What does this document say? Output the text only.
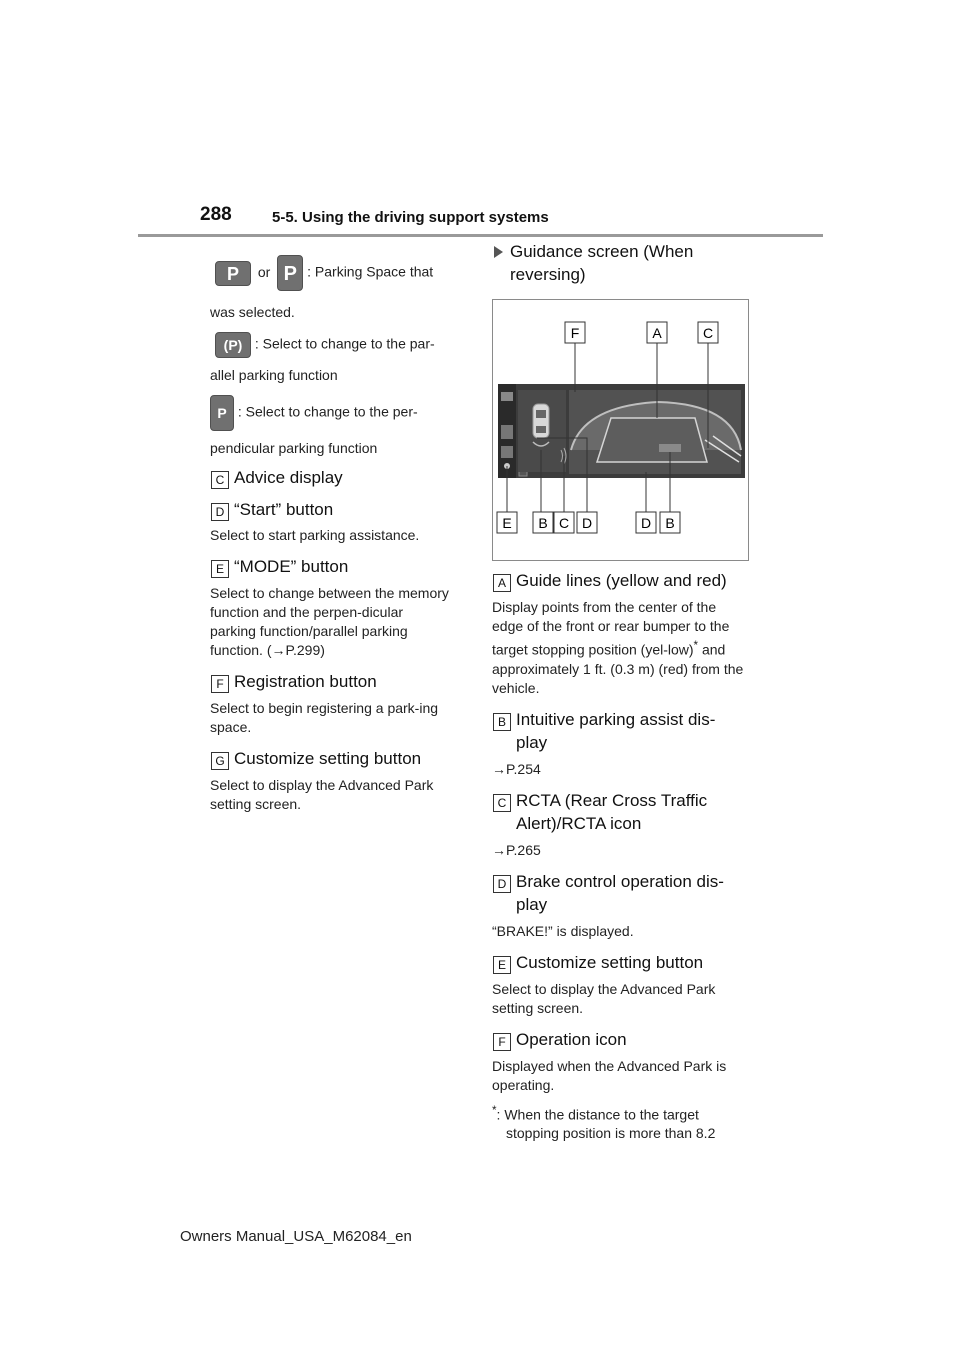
288	5-5. Using the driving support systems
P or P : Parking Space that
was selected.
(P) : Select to change to the par-
allel parking function
P : Select to change to the per-
pendicular parking function
C Advice display
D “Start” button
Select to start parking assistance.
E “MODE” button
Select to change between the memory function and the perpen-dicular parking function/parallel parking function. (→P.299)
F Registration button
Select to begin registering a park-ing space.
G Customize setting button
Select to display the Advanced Park setting screen.
Guidance screen (When
reversing)
F	A	C
E B C D	D B
A Guide lines (yellow and red)
Display points from the center of the edge of the front or rear bumper to the target stopping position (yel-low)* and approximately 1 ft. (0.3 m) (red) from the vehicle.
B Intuitive parking assist dis-play
→P.254
C RCTA (Rear Cross Traffic Alert)/RCTA icon
→P.265
D Brake control operation dis-play
“BRAKE!” is displayed.
E Customize setting button
Select to display the Advanced Park setting screen.
F Operation icon
Displayed when the Advanced Park is operating.
*: When the distance to the target stopping position is more than 8.2
Owners Manual_USA_M62084_en
